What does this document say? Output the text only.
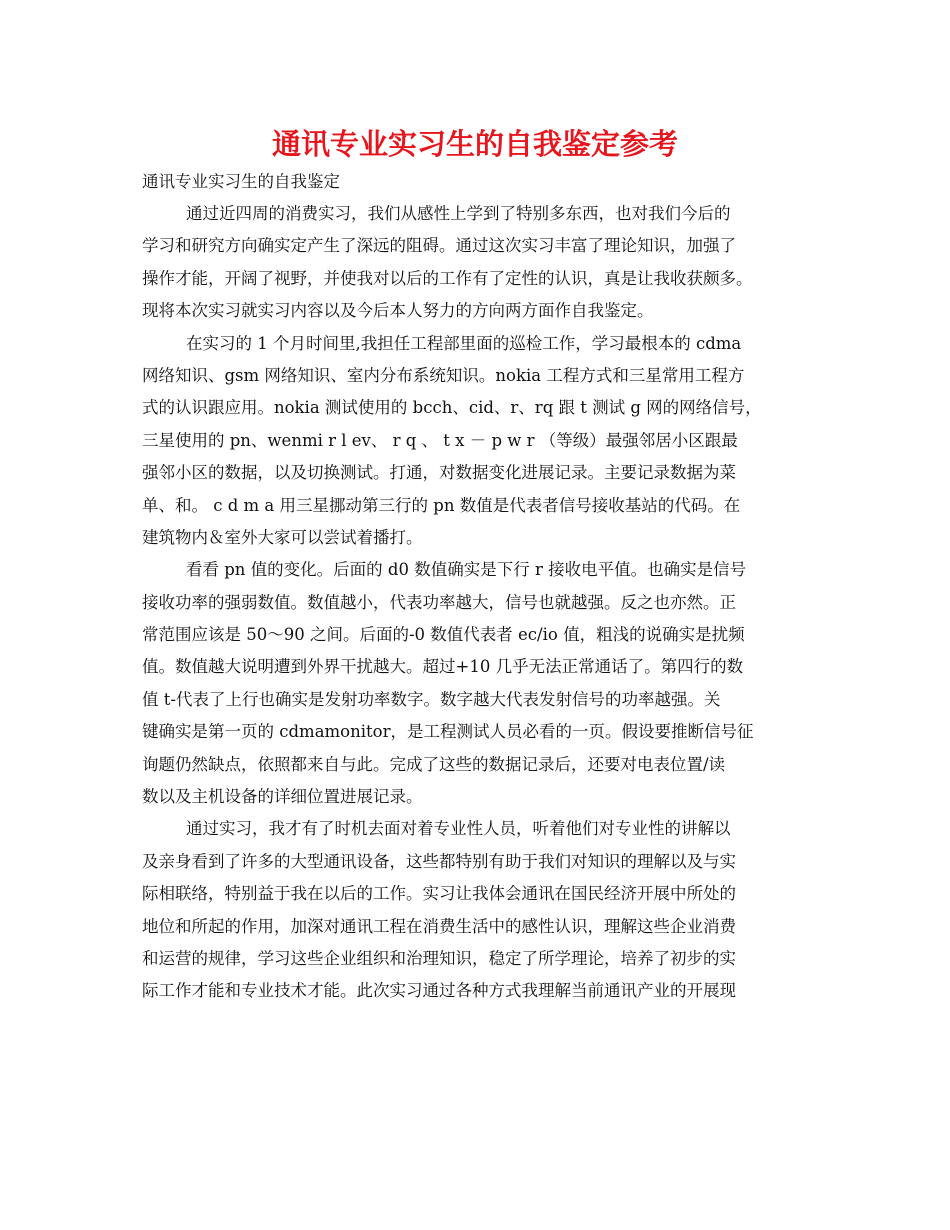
通讯专业实习生的自我鉴定参考

通讯专业实习生的自我鉴定

通过近四周的消费实习，我们从感性上学到了特别多东西，也对我们今后的
学习和研究方向确实定产生了深远的阻碍。通过这次实习丰富了理论知识，加强了
操作才能，开阔了视野，并使我对以后的工作有了定性的认识，真是让我收获颇多。
现将本次实习就实习内容以及今后本人努力的方向两方面作自我鉴定。

在实习的 1 个月时间里,我担任工程部里面的巡检工作，学习最根本的 cdma
网络知识、gsm 网络知识、室内分布系统知识。nokia 工程方式和三星常用工程方
式的认识跟应用。nokia 测试使用的 bcch、cid、r、rq 跟 t 测试 g 网的网络信号，
三星使用的 pn、wenmi r l ev、 r q 、 t x － p w r （等级）最强邻居小区跟最
强邻小区的数据，以及切换测试。打通，对数据变化进展记录。主要记录数据为菜
单、和。 c d m a 用三星挪动第三行的 pn 数值是代表者信号接收基站的代码。在
建筑物内＆室外大家可以尝试着播打。

看看 pn 值的变化。后面的 d0 数值确实是下行 r 接收电平值。也确实是信号
接收功率的强弱数值。数值越小，代表功率越大，信号也就越强。反之也亦然。正
常范围应该是 50～90 之间。后面的-0 数值代表者 ec/io 值，粗浅的说确实是扰频
值。数值越大说明遭到外界干扰越大。超过+10 几乎无法正常通话了。第四行的数
值 t-代表了上行也确实是发射功率数字。数字越大代表发射信号的功率越强。关
键确实是第一页的 cdmamonitor，是工程测试人员必看的一页。假设要推断信号征
询题仍然缺点，依照都来自与此。完成了这些的数据记录后，还要对电表位置/读
数以及主机设备的详细位置进展记录。

通过实习，我才有了时机去面对着专业性人员，听着他们对专业性的讲解以
及亲身看到了许多的大型通讯设备，这些都特别有助于我们对知识的理解以及与实
际相联络，特别益于我在以后的工作。实习让我体会通讯在国民经济开展中所处的
地位和所起的作用，加深对通讯工程在消费生活中的感性认识，理解这些企业消费
和运营的规律，学习这些企业组织和治理知识，稳定了所学理论，培养了初步的实
际工作才能和专业技术才能。此次实习通过各种方式我理解当前通讯产业的开展现
